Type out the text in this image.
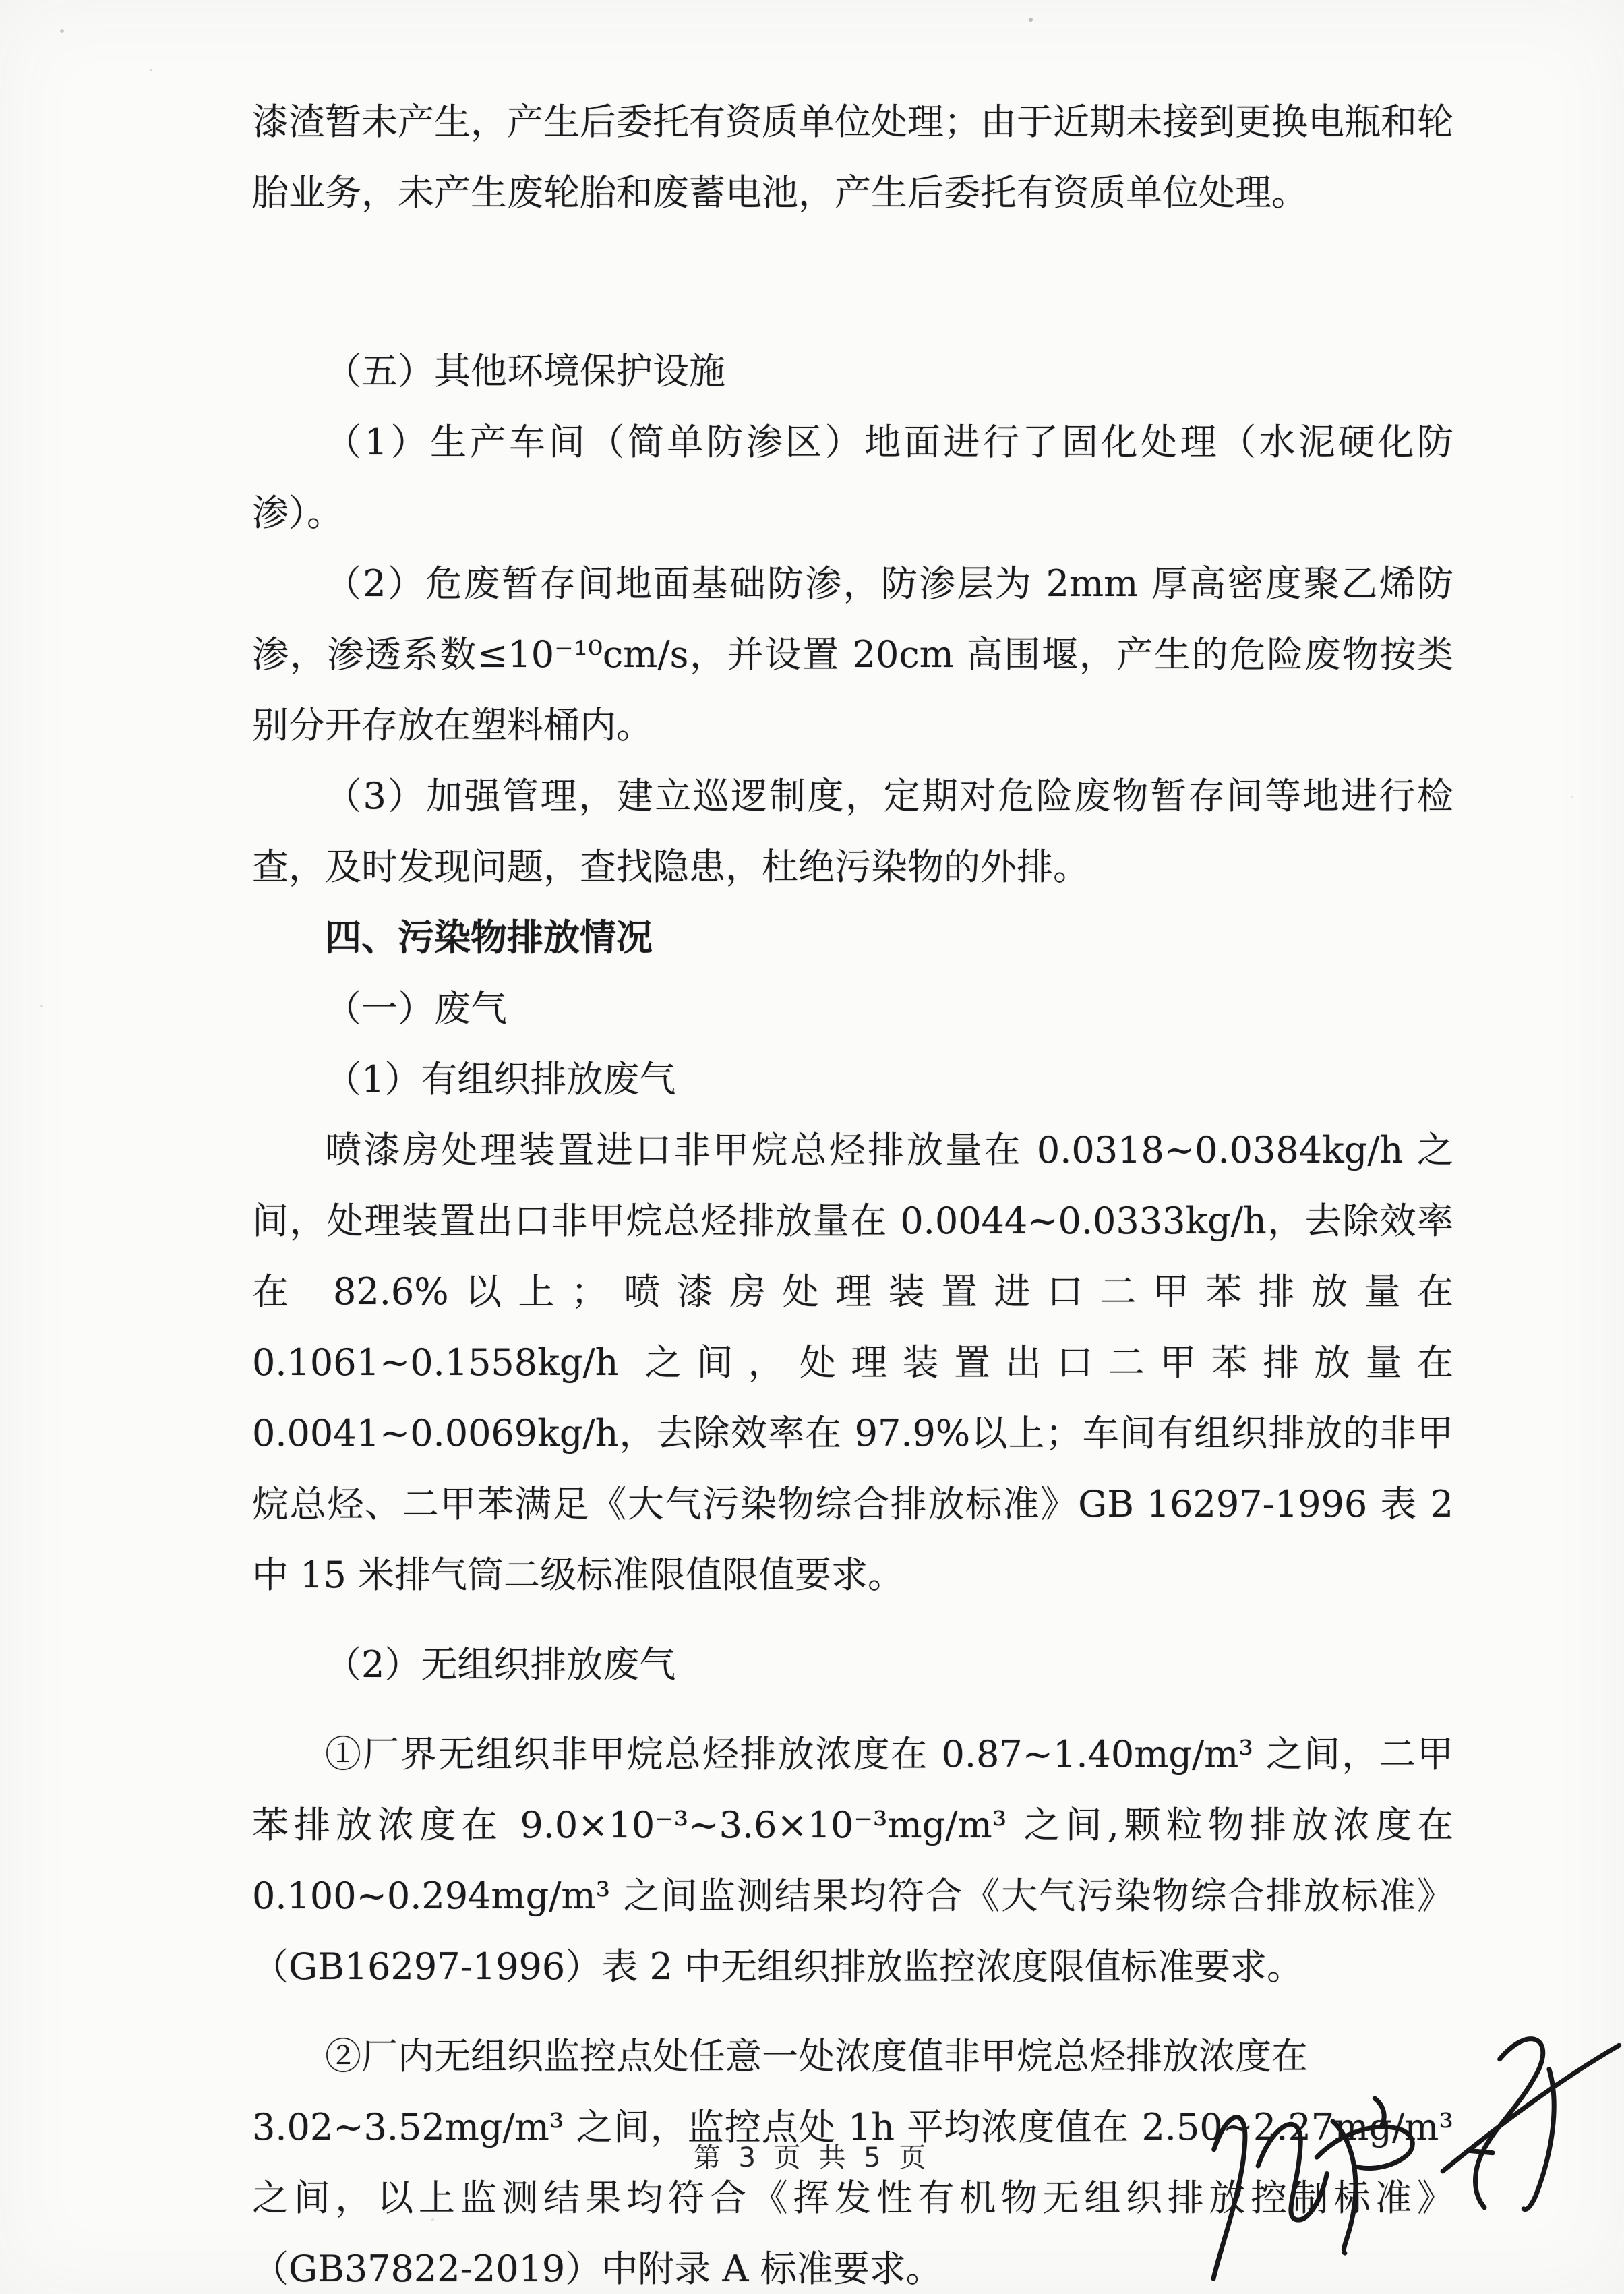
漆渣暂未产生，产生后委托有资质单位处理；由于近期未接到更换电瓶和轮胎业务，未产生废轮胎和废蓄电池，产生后委托有资质单位处理。

（五）其他环境保护设施

（1）生产车间（简单防渗区）地面进行了固化处理（水泥硬化防渗）。

（2）危废暂存间地面基础防渗，防渗层为 2mm 厚高密度聚乙烯防渗，渗透系数≤10⁻¹⁰cm/s，并设置 20cm 高围堰，产生的危险废物按类别分开存放在塑料桶内。

（3）加强管理，建立巡逻制度，定期对危险废物暂存间等地进行检查，及时发现问题，查找隐患，杜绝污染物的外排。

四、污染物排放情况

（一）废气

（1）有组织排放废气

喷漆房处理装置进口非甲烷总烃排放量在 0.0318~0.0384kg/h 之间，处理装置出口非甲烷总烃排放量在 0.0044~0.0333kg/h，去除效率在 82.6%以上；喷漆房处理装置进口二甲苯排放量在 0.1061~0.1558kg/h 之间，处理装置出口二甲苯排放量在 0.0041~0.0069kg/h，去除效率在 97.9%以上；车间有组织排放的非甲烷总烃、二甲苯满足《大气污染物综合排放标准》GB 16297-1996 表 2 中 15 米排气筒二级标准限值限值要求。

（2）无组织排放废气

①厂界无组织非甲烷总烃排放浓度在 0.87~1.40mg/m³ 之间，二甲苯排放浓度在 9.0×10⁻³~3.6×10⁻³mg/m³ 之间,颗粒物排放浓度在 0.100~0.294mg/m³ 之间监测结果均符合《大气污染物综合排放标准》（GB16297-1996）表 2 中无组织排放监控浓度限值标准要求。

②厂内无组织监控点处任意一处浓度值非甲烷总烃排放浓度在

3.02~3.52mg/m³ 之间，监控点处 1h 平均浓度值在 2.50~2.27mg/m³ 之间，以上监测结果均符合《挥发性有机物无组织排放控制标准》（GB37822-2019）中附录 A 标准要求。

第 3 页 共 5 页
